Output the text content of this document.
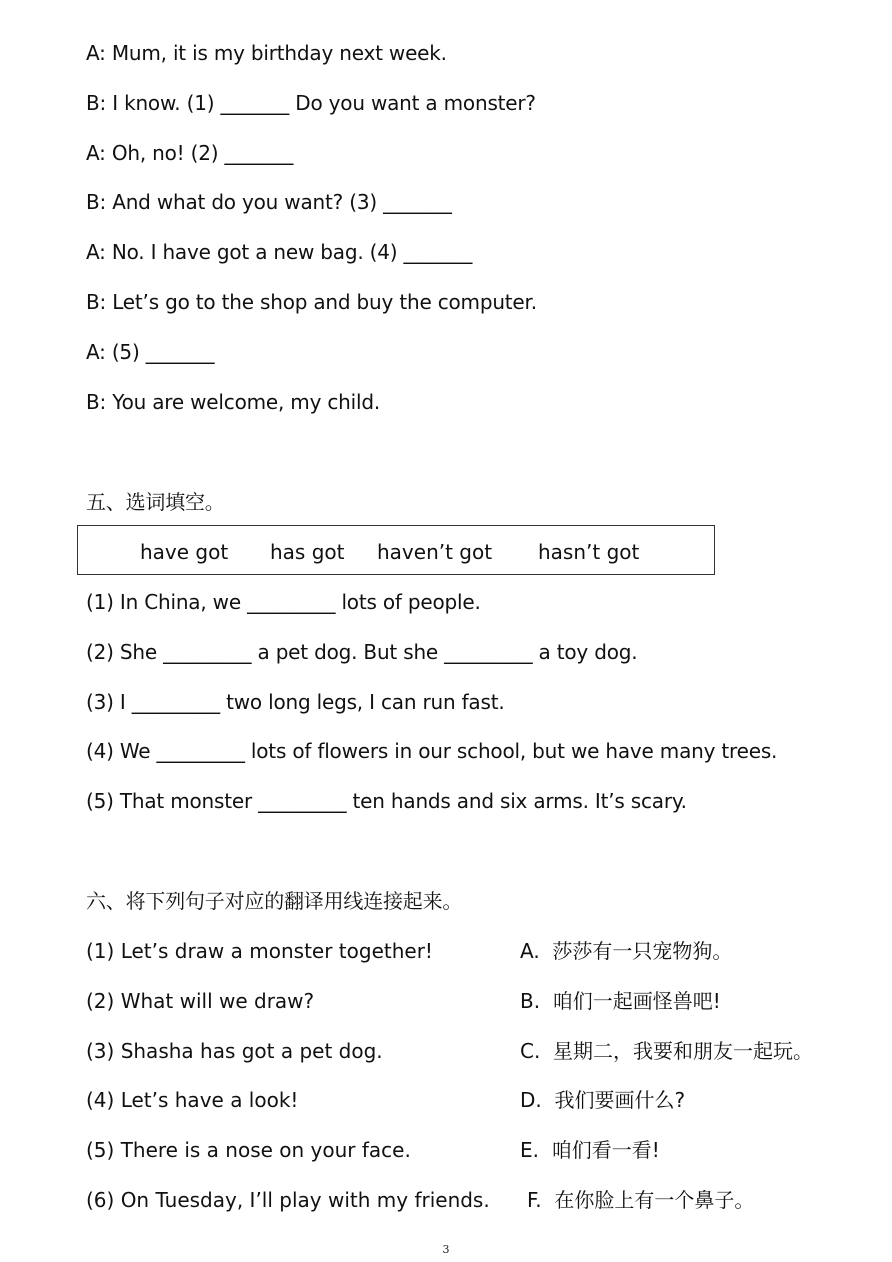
A: Mum, it is my birthday next week.
B: I know. (1) _______ Do you want a monster?
A: Oh, no! (2) _______
B: And what do you want? (3) _______
A: No. I have got a new bag. (4) _______
B: Let’s go to the shop and buy the computer.
A: (5) _______
B: You are welcome, my child.
五、选词填空。
have got has got haven’t got hasn’t got
(1) In China, we _________ lots of people.
(2) She _________ a pet dog. But she _________ a toy dog.
(3) I _________ two long legs, I can run fast.
(4) We _________ lots of flowers in our school, but we have many trees.
(5) That monster _________ ten hands and six arms. It’s scary.
六、将下列句子对应的翻译用线连接起来。
(1) Let’s draw a monster together!	A.  莎莎有一只宠物狗。
(2) What will we draw?	B.  咱们一起画怪兽吧!
(3) Shasha has got a pet dog.	C.  星期二，我要和朋友一起玩。
(4) Let’s have a look!	D.  我们要画什么?
(5) There is a nose on your face.	E.  咱们看一看!
(6) On Tuesday, I’ll play with my friends. F.  在你脸上有一个鼻子。
3
